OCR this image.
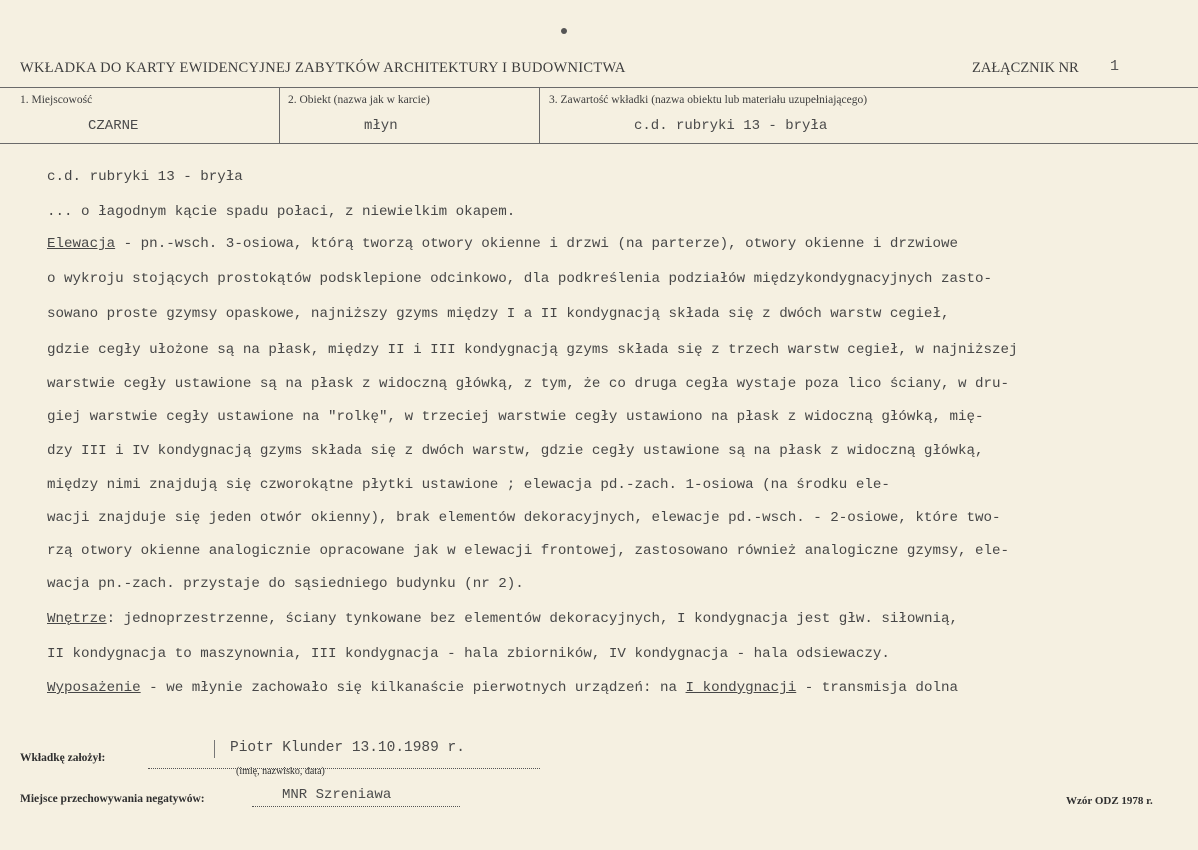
WKŁADKA DO KARTY EWIDENCYJNEJ ZABYTKÓW ARCHITEKTURY I BUDOWNICTWA	ZAŁĄCZNIK NR 1
1. Miejscowość
CZARNE
2. Obiekt (nazwa jak w karcie)
młyn
3. Zawartość wkładki (nazwa obiektu lub materiału uzupełniającego)
c.d. rubryki 13 - bryła
c.d. rubryki 13 - bryła
... o łagodnym kącie spadu połaci, z niewielkim okapem.
Elewacja - pn.-wsch. 3-osiowa, którą tworzą otwory okienne i drzwi (na parterze), otwory okienne i drzwiowe
o wykroju stojących prostokątów podsklepione odcinkowo, dla podkreślenia podziałów międzykondygnacyjnych zasto-
sowano proste gzymsy opaskowe, najniższy gzyms między I a II kondygnacją składa się z dwóch warstw cegieł,
gdzie cegły ułożone są na płask, między II i III kondygnacją gzyms składa się z trzech warstw cegieł, w najniższej
warstwie cegły ustawione są na płask z widoczną główką, z tym, że co druga cegła wystaje poza lico ściany, w dru-
giej warstwie cegły ustawione na "rolkę", w trzeciej warstwie cegły ustawiono na płask z widoczną główką, mię-
dzy III i IV kondygnacją gzyms składa się z dwóch warstw, gdzie cegły ustawione są na płask z widoczną główką,
między nimi znajdują się czworokątne płytki ustawione ; elewacja pd.-zach. 1-osiowa (na środku ele-
wacji znajduje się jeden otwór okienny), brak elementów dekoracyjnych, elewacje pd.-wsch. - 2-osiowe, które two-
rzą otwory okienne analogicznie opracowane jak w elewacji frontowej, zastosowano również analogiczne gzymsy, ele-
wacja pn.-zach. przystaje do sąsiedniego budynku (nr 2).
Wnętrze: jednoprzestrzenne, ściany tynkowane bez elementów dekoracyjnych, I kondygnacja jest głw. siłownią,
II kondygnacja to maszynownia, III kondygnacja - hala zbiorników, IV kondygnacja - hala odsiewaczy.
Wyposażenie - we młynie zachowało się kilkanaście pierwotnych urządzeń: na I kondygnacji - transmisja dolna
Wkładkę założył:
Piotr Klunder 13.10.1989 r.
(imię, nazwisko, data)
Miejsce przechowywania negatywów:	MNR Szreniawa	Wzór ODZ 1978 r.
